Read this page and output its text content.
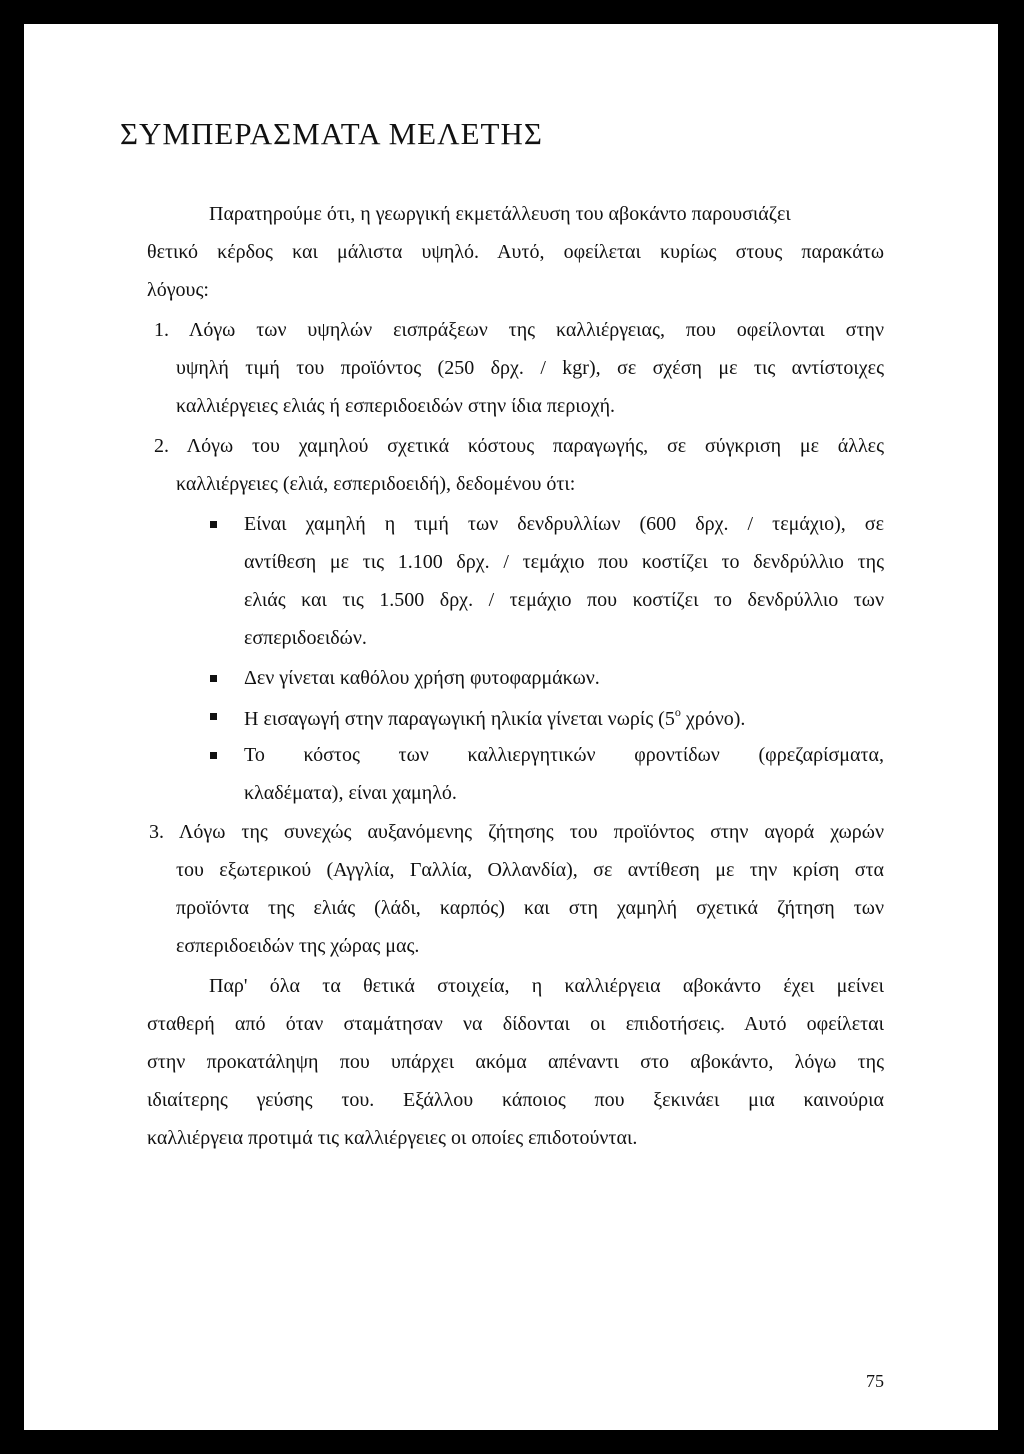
ΣΥΜΠΕΡΑΣΜΑΤΑ ΜΕΛΕΤΗΣ
Παρατηρούμε ότι, η γεωργική εκμετάλλευση του αβοκάντο παρουσιάζει
θετικό κέρδος και μάλιστα υψηλό. Αυτό, οφείλεται κυρίως στους παρακάτω
λόγους:
1. Λόγω των υψηλών εισπράξεων της καλλιέργειας, που οφείλονται στην
υψηλή τιμή του προϊόντος (250 δρχ. / kgr), σε σχέση με τις αντίστοιχες
καλλιέργειες ελιάς ή εσπεριδοειδών στην ίδια περιοχή.
2. Λόγω του χαμηλού σχετικά κόστους παραγωγής, σε σύγκριση με άλλες
καλλιέργειες (ελιά, εσπεριδοειδή), δεδομένου ότι:
Είναι χαμηλή η τιμή των δενδρυλλίων (600 δρχ. / τεμάχιο), σε
αντίθεση με τις 1.100 δρχ. / τεμάχιο που κοστίζει το δενδρύλλιο της
ελιάς και τις 1.500 δρχ. / τεμάχιο που κοστίζει το δενδρύλλιο των
εσπεριδοειδών.
Δεν γίνεται καθόλου χρήση φυτοφαρμάκων.
Η εισαγωγή στην παραγωγική ηλικία γίνεται νωρίς ($5^o$ χρόνο).
Το κόστος των καλλιεργητικών φροντίδων (φρεζαρίσματα,
κλαδέματα), είναι χαμηλό.
3. Λόγω της συνεχώς αυξανόμενης ζήτησης του προϊόντος στην αγορά χωρών
του εξωτερικού (Αγγλία, Γαλλία, Ολλανδία), σε αντίθεση με την κρίση στα
προϊόντα της ελιάς (λάδι, καρπός) και στη χαμηλή σχετικά ζήτηση των
εσπεριδοειδών της χώρας μας.
Παρ' όλα τα θετικά στοιχεία, η καλλιέργεια αβοκάντο έχει μείνει
σταθερή από όταν σταμάτησαν να δίδονται οι επιδοτήσεις. Αυτό οφείλεται
στην προκατάληψη που υπάρχει ακόμα απέναντι στο αβοκάντο, λόγω της
ιδιαίτερης γεύσης του. Εξάλλου κάποιος που ξεκινάει μια καινούρια
καλλιέργεια προτιμά τις καλλιέργειες οι οποίες επιδοτούνται.
75
